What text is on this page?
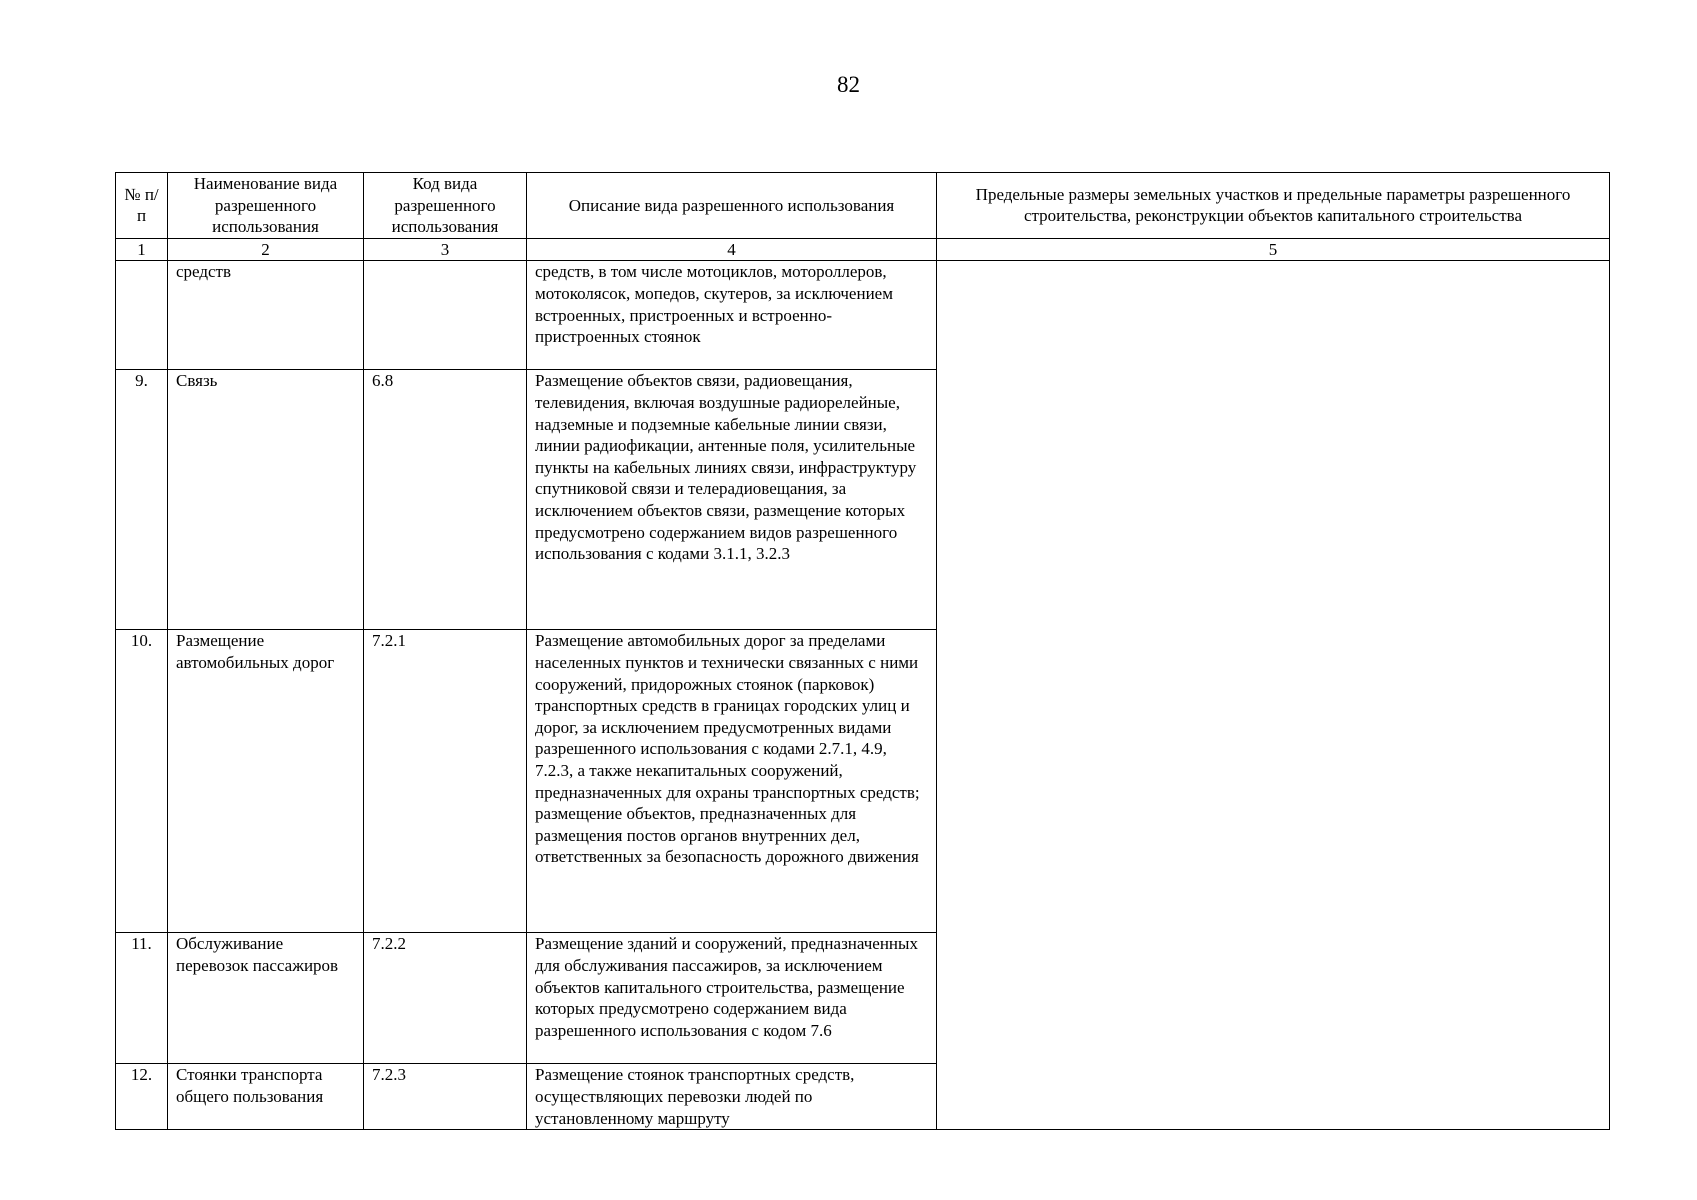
82
№ п/п	Наименование вида разрешенного использования	Код вида разрешенного использования	Описание вида разрешенного использования	Предельные размеры земельных участков и предельные параметры разрешенного строительства, реконструкции объектов капитального строительства
1	2	3	4	5
	средств		средств, в том числе мотоциклов, мотороллеров, мотоколясок, мопедов, скутеров, за исключением встроенных, пристроенных и встроенно-пристроенных стоянок	
9.	Связь	6.8	Размещение объектов связи, радиовещания, телевидения, включая воздушные радиорелейные, надземные и подземные кабельные линии связи, линии радиофикации, антенные поля, усилительные пункты на кабельных линиях связи, инфраструктуру спутниковой связи и телерадиовещания, за исключением объектов связи, размещение которых предусмотрено содержанием видов разрешенного использования с кодами 3.1.1, 3.2.3	
10.	Размещение автомобильных дорог	7.2.1	Размещение автомобильных дорог за пределами населенных пунктов и технически связанных с ними сооружений, придорожных стоянок (парковок) транспортных средств в границах городских улиц и дорог, за исключением предусмотренных видами разрешенного использования с кодами 2.7.1, 4.9, 7.2.3, а также некапитальных сооружений, предназначенных для охраны транспортных средств; размещение объектов, предназначенных для размещения постов органов внутренних дел, ответственных за безопасность дорожного движения	
11.	Обслуживание перевозок пассажиров	7.2.2	Размещение зданий и сооружений, предназначенных для обслуживания пассажиров, за исключением объектов капитального строительства, размещение которых предусмотрено содержанием вида разрешенного использования с кодом 7.6	
12.	Стоянки транспорта общего пользования	7.2.3	Размещение стоянок транспортных средств, осуществляющих перевозки людей по установленному маршруту	
